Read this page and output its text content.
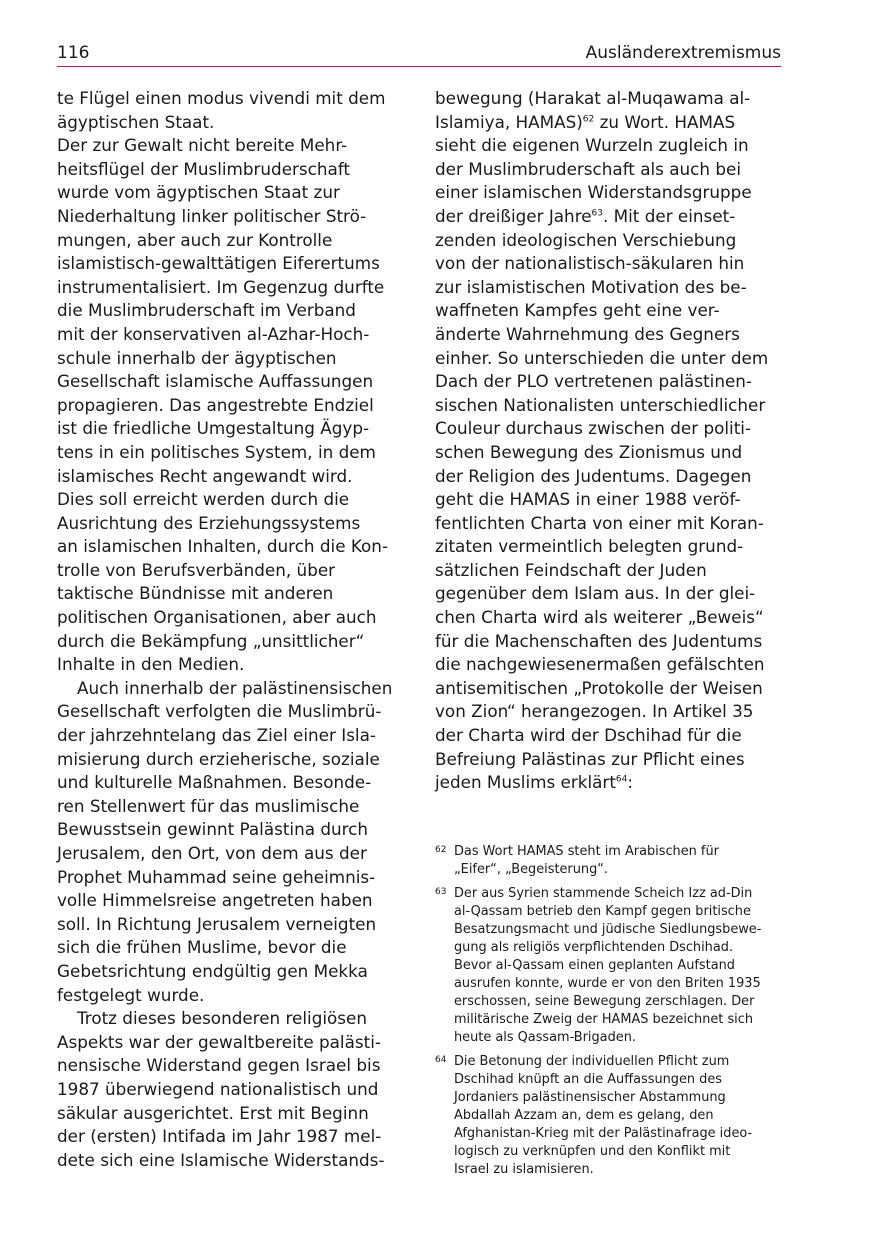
116	Ausländerextremismus
te Flügel einen modus vivendi mit dem
ägyptischen Staat.
Der zur Gewalt nicht bereite Mehr-
heitsflügel der Muslimbruderschaft
wurde vom ägyptischen Staat zur
Niederhaltung linker politischer Strö-
mungen, aber auch zur Kontrolle
islamistisch-gewalttätigen Eiferertums
instrumentalisiert. Im Gegenzug durfte
die Muslimbruderschaft im Verband
mit der konservativen al-Azhar-Hoch-
schule innerhalb der ägyptischen
Gesellschaft islamische Auffassungen
propagieren. Das angestrebte Endziel
ist die friedliche Umgestaltung Ägyp-
tens in ein politisches System, in dem
islamisches Recht angewandt wird.
Dies soll erreicht werden durch die
Ausrichtung des Erziehungssystems
an islamischen Inhalten, durch die Kon-
trolle von Berufsverbänden, über
taktische Bündnisse mit anderen
politischen Organisationen, aber auch
durch die Bekämpfung „unsittlicher“
Inhalte in den Medien.
Auch innerhalb der palästinensischen
Gesellschaft verfolgten die Muslimbrü-
der jahrzehntelang das Ziel einer Isla-
misierung durch erzieherische, soziale
und kulturelle Maßnahmen. Besonde-
ren Stellenwert für das muslimische
Bewusstsein gewinnt Palästina durch
Jerusalem, den Ort, von dem aus der
Prophet Muhammad seine geheimnis-
volle Himmelsreise angetreten haben
soll. In Richtung Jerusalem verneigten
sich die frühen Muslime, bevor die
Gebetsrichtung endgültig gen Mekka
festgelegt wurde.
Trotz dieses besonderen religiösen
Aspekts war der gewaltbereite palästi-
nensische Widerstand gegen Israel bis
1987 überwiegend nationalistisch und
säkular ausgerichtet. Erst mit Beginn
der (ersten) Intifada im Jahr 1987 mel-
dete sich eine Islamische Widerstands-
bewegung (Harakat al-Muqawama al-
Islamiya, HAMAS)$^{62}$ zu Wort. HAMAS
sieht die eigenen Wurzeln zugleich in
der Muslimbruderschaft als auch bei
einer islamischen Widerstandsgruppe
der dreißiger Jahre$^{63}$. Mit der einset-
zenden ideologischen Verschiebung
von der nationalistisch-säkularen hin
zur islamistischen Motivation des be-
waffneten Kampfes geht eine ver-
änderte Wahrnehmung des Gegners
einher. So unterschieden die unter dem
Dach der PLO vertretenen palästinen-
sischen Nationalisten unterschiedlicher
Couleur durchaus zwischen der politi-
schen Bewegung des Zionismus und
der Religion des Judentums. Dagegen
geht die HAMAS in einer 1988 veröf-
fentlichten Charta von einer mit Koran-
zitaten vermeintlich belegten grund-
sätzlichen Feindschaft der Juden
gegenüber dem Islam aus. In der glei-
chen Charta wird als weiterer „Beweis“
für die Machenschaften des Judentums
die nachgewiesenermaßen gefälschten
antisemitischen „Protokolle der Weisen
von Zion“ herangezogen. In Artikel 35
der Charta wird der Dschihad für die
Befreiung Palästinas zur Pflicht eines
jeden Muslims erklärt$^{64}$:
62 Das Wort HAMAS steht im Arabischen für
„Eifer“, „Begeisterung“.
63 Der aus Syrien stammende Scheich Izz ad-Din
al-Qassam betrieb den Kampf gegen britische
Besatzungsmacht und jüdische Siedlungsbewe-
gung als religiös verpflichtenden Dschihad.
Bevor al-Qassam einen geplanten Aufstand
ausrufen konnte, wurde er von den Briten 1935
erschossen, seine Bewegung zerschlagen. Der
militärische Zweig der HAMAS bezeichnet sich
heute als Qassam-Brigaden.
64 Die Betonung der individuellen Pflicht zum
Dschihad knüpft an die Auffassungen des
Jordaniers palästinensischer Abstammung
Abdallah Azzam an, dem es gelang, den
Afghanistan-Krieg mit der Palästinafrage ideo-
logisch zu verknüpfen und den Konflikt mit
Israel zu islamisieren.
